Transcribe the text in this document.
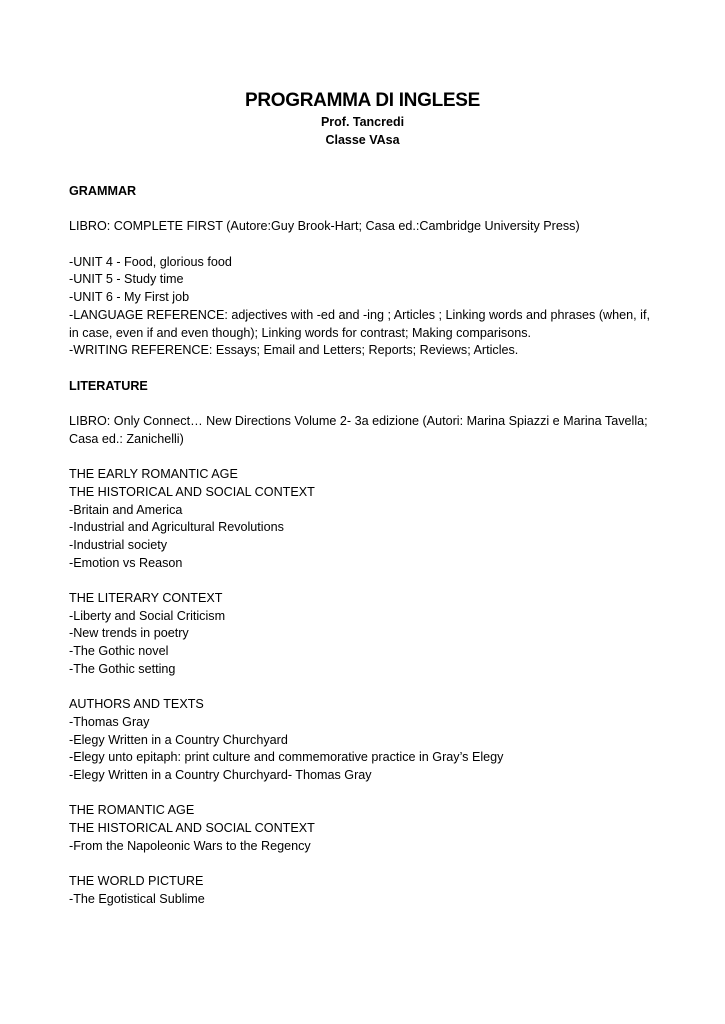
PROGRAMMA DI INGLESE
Prof. Tancredi
Classe VAsa
GRAMMAR
LIBRO: COMPLETE FIRST (Autore:Guy Brook-Hart; Casa ed.:Cambridge University Press)
-UNIT 4 - Food, glorious food
-UNIT 5 - Study time
-UNIT 6 - My First job
-LANGUAGE REFERENCE: adjectives with -ed and -ing ; Articles ; Linking words and phrases (when, if, in case, even if and even though); Linking words for contrast; Making comparisons.
-WRITING REFERENCE: Essays; Email and Letters; Reports; Reviews; Articles.
LITERATURE
LIBRO: Only Connect… New Directions Volume 2- 3a edizione (Autori: Marina Spiazzi e Marina Tavella; Casa ed.: Zanichelli)
THE EARLY ROMANTIC AGE
THE HISTORICAL AND SOCIAL CONTEXT
-Britain and America
-Industrial and Agricultural Revolutions
-Industrial society
-Emotion vs Reason
THE LITERARY CONTEXT
-Liberty and Social Criticism
-New trends in poetry
-The Gothic novel
-The Gothic setting
AUTHORS AND TEXTS
-Thomas Gray
-Elegy Written in a Country Churchyard
-Elegy unto epitaph: print culture and commemorative practice in Gray’s Elegy
-Elegy Written in a Country Churchyard- Thomas Gray
THE ROMANTIC AGE
THE HISTORICAL AND SOCIAL CONTEXT
-From the Napoleonic Wars to the Regency
THE WORLD PICTURE
-The Egotistical Sublime
